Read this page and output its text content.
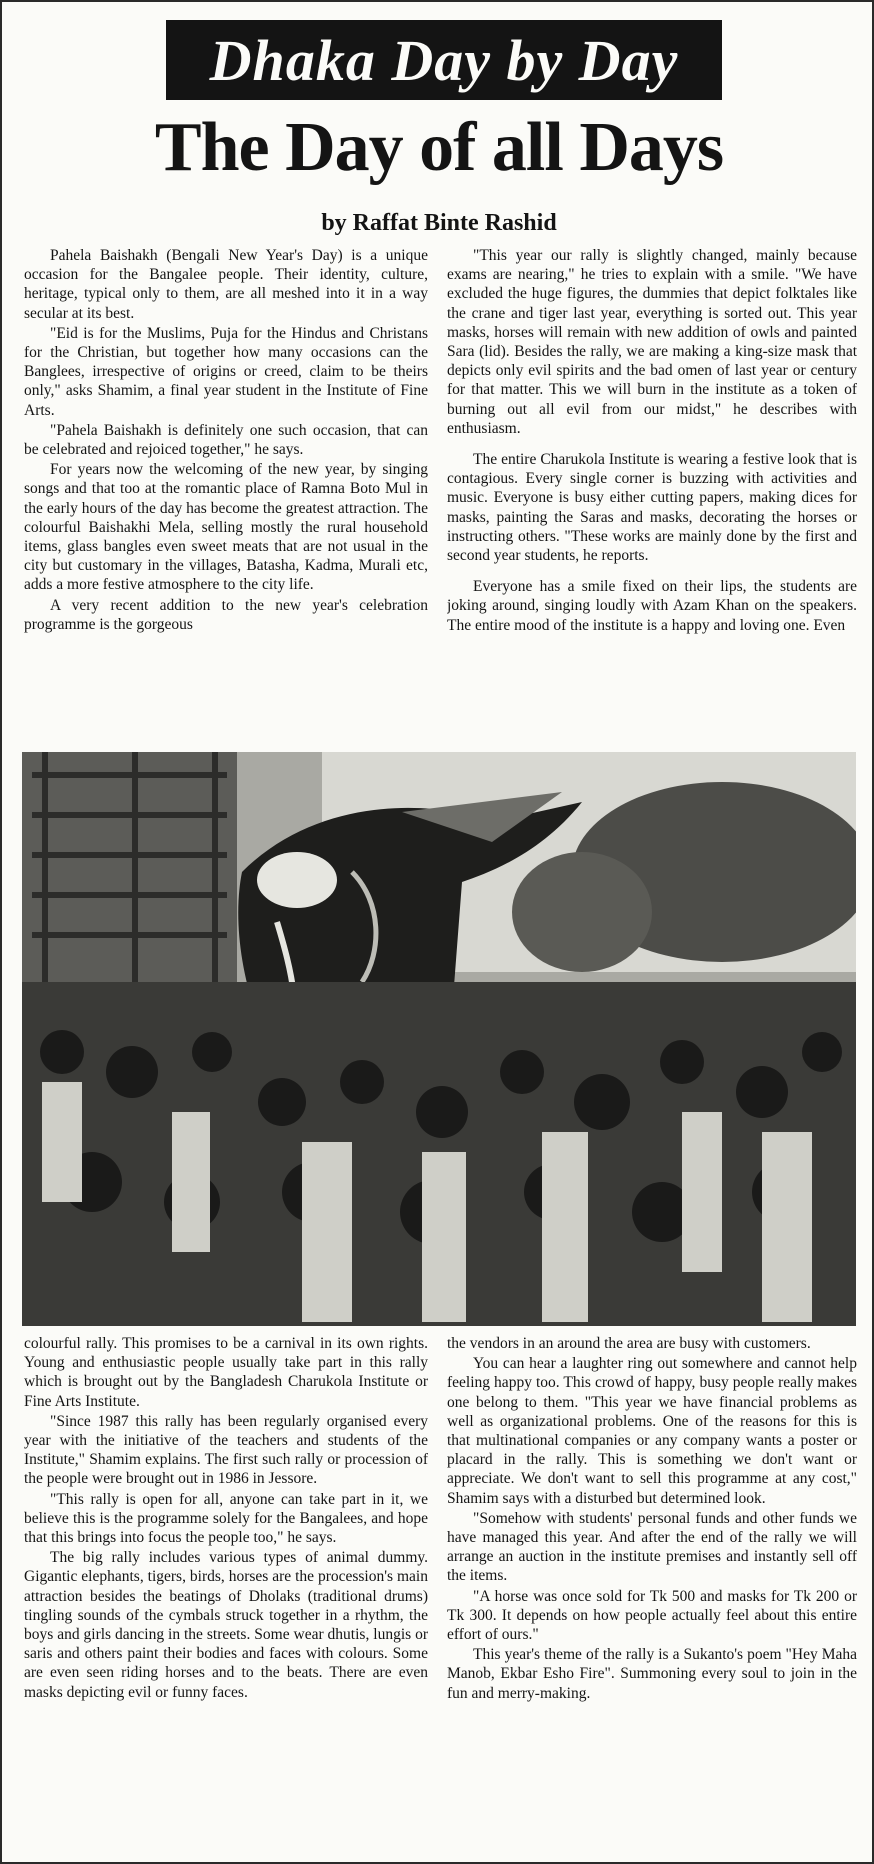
Dhaka Day by Day
The Day of all Days
by Raffat Binte Rashid

Pahela Baishakh (Bengali New Year's Day) is a unique occasion for the Bangalee people. Their identity, culture, heritage, typical only to them, are all meshed into it in a way secular at its best.

"Eid is for the Muslims, Puja for the Hindus and Christans for the Christian, but together how many occasions can the Banglees, irrespective of origins or creed, claim to be theirs only," asks Shamim, a final year student in the Institute of Fine Arts.

"Pahela Baishakh is definitely one such occasion, that can be celebrated and rejoiced together," he says.

For years now the welcoming of the new year, by singing songs and that too at the romantic place of Ramna Boto Mul in the early hours of the day has become the greatest attraction. The colourful Baishakhi Mela, selling mostly the rural household items, glass bangles even sweet meats that are not usual in the city but customary in the villages, Batasha, Kadma, Murali etc, adds a more festive atmosphere to the city life.

A very recent addition to the new year's celebration programme is the gorgeous

"This year our rally is slightly changed, mainly because exams are nearing," he tries to explain with a smile. "We have excluded the huge figures, the dummies that depict folktales like the crane and tiger last year, everything is sorted out. This year masks, horses will remain with new addition of owls and painted Sara (lid). Besides the rally, we are making a king-size mask that depicts only evil spirits and the bad omen of last year or century for that matter. This we will burn in the institute as a token of burning out all evil from our midst," he describes with enthusiasm.

The entire Charukola Institute is wearing a festive look that is contagious. Every single corner is buzzing with activities and music. Everyone is busy either cutting papers, making dices for masks, painting the Saras and masks, decorating the horses or instructing others. "These works are mainly done by the first and second year students, he reports.

Everyone has a smile fixed on their lips, the students are joking around, singing loudly with Azam Khan on the speakers. The entire mood of the institute is a happy and loving one. Even

colourful rally. This promises to be a carnival in its own rights. Young and enthusiastic people usually take part in this rally which is brought out by the Bangladesh Charukola Institute or Fine Arts Institute.

"Since 1987 this rally has been regularly organised every year with the initiative of the teachers and students of the Institute," Shamim explains. The first such rally or procession of the people were brought out in 1986 in Jessore.

"This rally is open for all, anyone can take part in it, we believe this is the programme solely for the Bangalees, and hope that this brings into focus the people too," he says.

The big rally includes various types of animal dummy. Gigantic elephants, tigers, birds, horses are the procession's main attraction besides the beatings of Dholaks (traditional drums) tingling sounds of the cymbals struck together in a rhythm, the boys and girls dancing in the streets. Some wear dhutis, lungis or saris and others paint their bodies and faces with colours. Some are even seen riding horses and to the beats. There are even masks depicting evil or funny faces.

the vendors in an around the area are busy with customers.

You can hear a laughter ring out somewhere and cannot help feeling happy too. This crowd of happy, busy people really makes one belong to them. "This year we have financial problems as well as organizational problems. One of the reasons for this is that multinational companies or any company wants a poster or placard in the rally. This is something we don't want or appreciate. We don't want to sell this programme at any cost," Shamim says with a disturbed but determined look.

"Somehow with students' personal funds and other funds we have managed this year. And after the end of the rally we will arrange an auction in the institute premises and instantly sell off the items.

"A horse was once sold for Tk 500 and masks for Tk 200 or Tk 300. It depends on how people actually feel about this entire effort of ours."

This year's theme of the rally is a Sukanto's poem "Hey Maha Manob, Ekbar Esho Fire". Summoning every soul to join in the fun and merry-making.
